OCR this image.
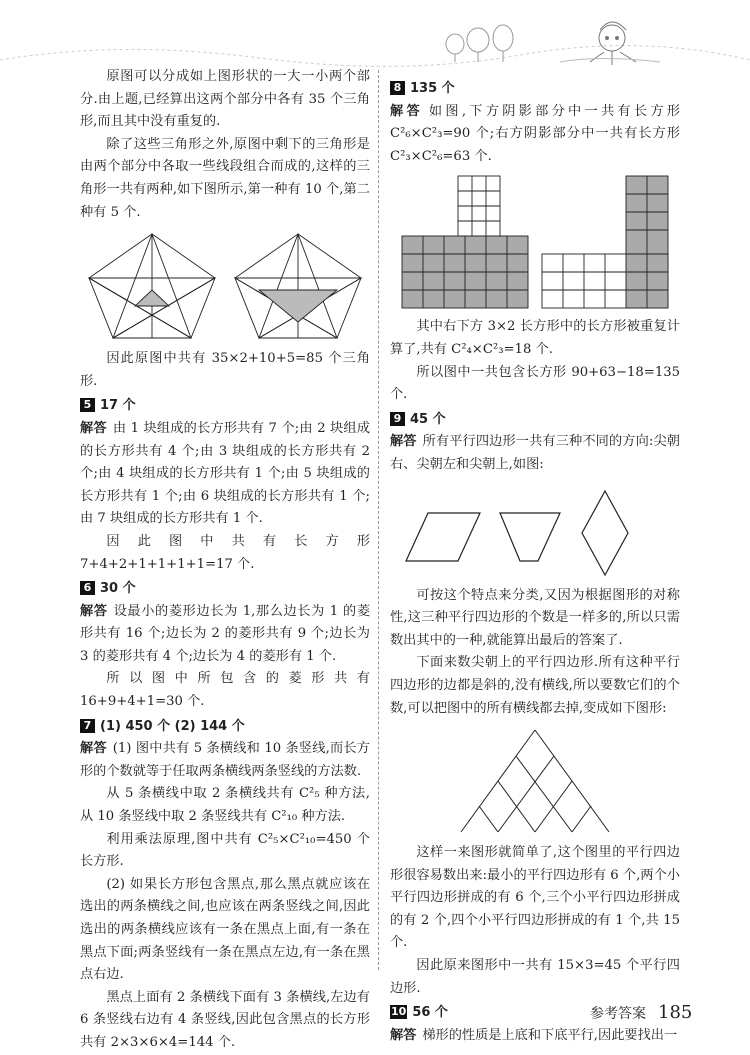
原图可以分成如上图形状的一大一小两个部分.由上题,已经算出这两个部分中各有 35 个三角形,而且其中没有重复的.

除了这些三角形之外,原图中剩下的三角形是由两个部分中各取一些线段组合而成的,这样的三角形一共有两种,如下图所示,第一种有 10 个,第二种有 5 个.

因此原图中共有 35×2+10+5=85 个三角形.

5 17 个

解答 由 1 块组成的长方形共有 7 个;由 2 块组成的长方形共有 4 个;由 3 块组成的长方形共有 2 个;由 4 块组成的长方形共有 1 个;由 5 块组成的长方形共有 1 个;由 6 块组成的长方形共有 1 个;由 7 块组成的长方形共有 1 个.

因此图中共有长方形 7+4+2+1+1+1+1=17 个.

6 30 个

解答 设最小的菱形边长为 1,那么边长为 1 的菱形共有 16 个;边长为 2 的菱形共有 9 个;边长为 3 的菱形共有 4 个;边长为 4 的菱形有 1 个.

所以图中所包含的菱形共有 16+9+4+1=30 个.

7 (1) 450 个 (2) 144 个

解答 (1) 图中共有 5 条横线和 10 条竖线,而长方形的个数就等于任取两条横线两条竖线的方法数.

从 5 条横线中取 2 条横线共有 C²₅ 种方法,从 10 条竖线中取 2 条竖线共有 C²₁₀ 种方法.

利用乘法原理,图中共有 C²₅×C²₁₀=450 个长方形.

(2) 如果长方形包含黑点,那么黑点就应该在选出的两条横线之间,也应该在两条竖线之间,因此选出的两条横线应该有一条在黑点上面,有一条在黑点下面;两条竖线有一条在黑点左边,有一条在黑点右边.

黑点上面有 2 条横线下面有 3 条横线,左边有 6 条竖线右边有 4 条竖线,因此包含黑点的长方形共有 2×3×6×4=144 个.

8 135 个

解答 如图,下方阴影部分中一共有长方形 C²₆×C²₃=90 个;右方阴影部分中一共有长方形 C²₃×C²₆=63 个.

其中右下方 3×2 长方形中的长方形被重复计算了,共有 C²₄×C²₃=18 个.

所以图中一共包含长方形 90+63−18=135 个.

9 45 个

解答 所有平行四边形一共有三种不同的方向:尖朝右、尖朝左和尖朝上,如图:

可按这个特点来分类,又因为根据图形的对称性,这三种平行四边形的个数是一样多的,所以只需数出其中的一种,就能算出最后的答案了.

下面来数尖朝上的平行四边形.所有这种平行四边形的边都是斜的,没有横线,所以要数它们的个数,可以把图中的所有横线都去掉,变成如下图形:

这样一来图形就简单了,这个图里的平行四边形很容易数出来:最小的平行四边形有 6 个,两个小平行四边形拼成的有 6 个,三个小平行四边形拼成的有 2 个,四个小平行四边形拼成的有 1 个,共 15 个.

因此原来图形中一共有 15×3=45 个平行四边形.

10 56 个

解答 梯形的性质是上底和下底平行,因此要找出一

参考答案 185
